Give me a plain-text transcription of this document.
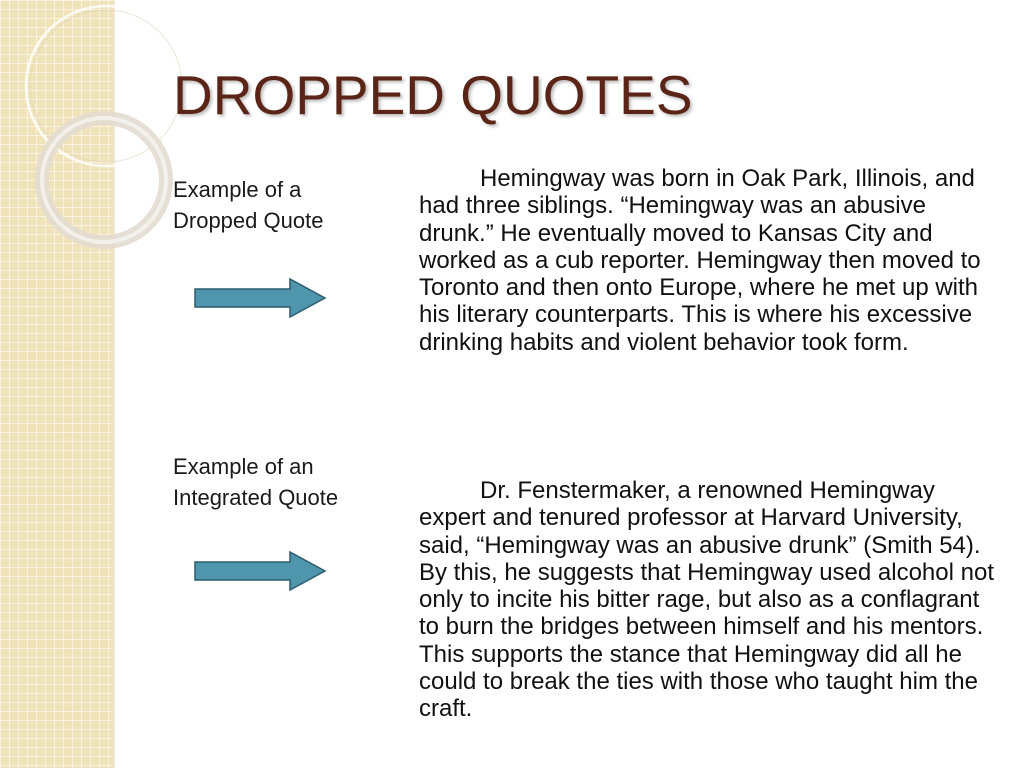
DROPPED QUOTES

Example of a Dropped Quote

Hemingway was born in Oak Park, Illinois, and had three siblings. “Hemingway was an abusive drunk.” He eventually moved to Kansas City and worked as a cub reporter. Hemingway then moved to Toronto and then onto Europe, where he met up with his literary counterparts. This is where his excessive drinking habits and violent behavior took form.

Example of an Integrated Quote	Dr. Fenstermaker, a renowned Hemingway expert and tenured professor at Harvard University, said, “Hemingway was an abusive drunk” (Smith 54). By this, he suggests that Hemingway used alcohol not only to incite his bitter rage, but also as a conflagrant to burn the bridges between himself and his mentors. This supports the stance that Hemingway did all he could to break the ties with those who taught him the craft.
